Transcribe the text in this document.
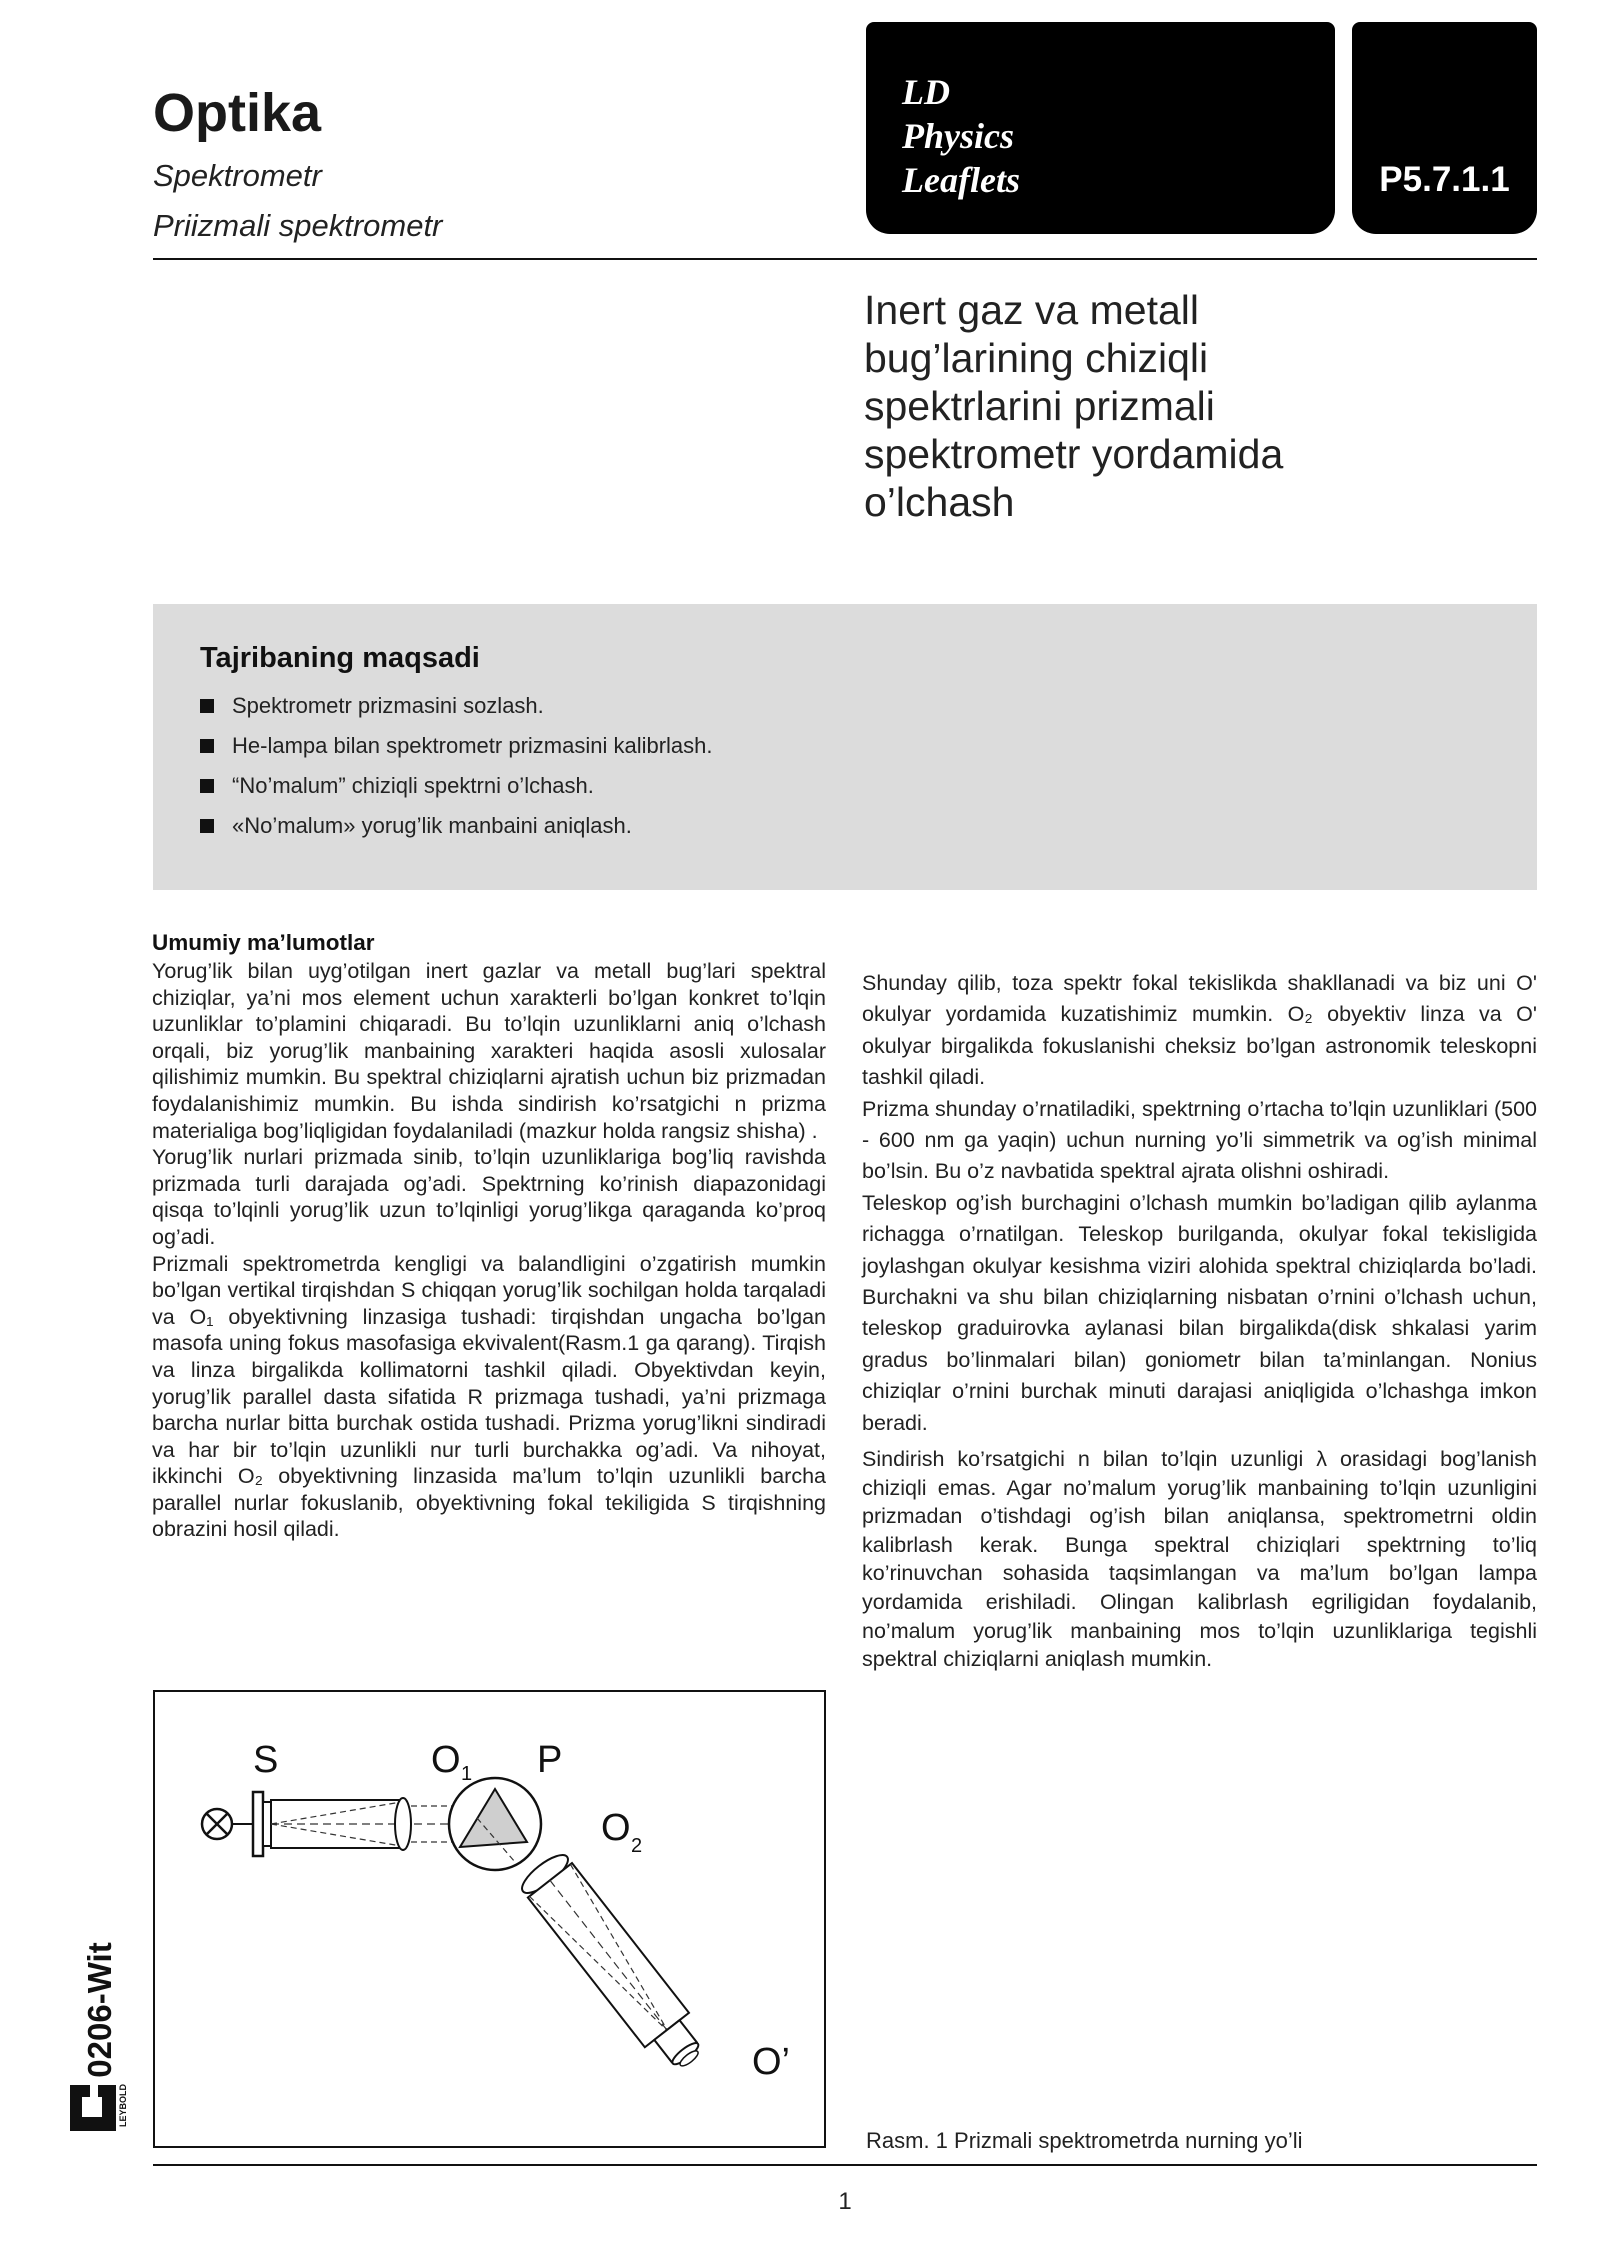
Optika
Spektrometr
Priizmali spektrometr
LD
Physics
Leaflets	P5.7.1.1
Inert gaz va metall bug’larining chiziqli spektrlarini prizmali spektrometr yordamida o’lchash
Tajribaning maqsadi
Spektrometr prizmasini sozlash.
He-lampa bilan spektrometr prizmasini kalibrlash.
“No’malum” chiziqli spektrni o’lchash.
«No’malum» yorug’lik manbaini aniqlash.
Umumiy ma’lumotlar

Yorug’lik bilan uyg’otilgan inert gazlar va metall bug’lari spektral chiziqlar, ya’ni mos element uchun xarakterli bo’lgan konkret to’lqin uzunliklar to’plamini chiqaradi. Bu to’lqin uzunliklarni aniq o’lchash orqali, biz yorug’lik manbaining xarakteri haqida asosli xulosalar qilishimiz mumkin. Bu spektral chiziqlarni ajratish uchun biz prizmadan foydalanishimiz mumkin. Bu ishda sindirish ko’rsatgichi n prizma materialiga bog’liqligidan foydalaniladi (mazkur holda rangsiz shisha) .

Yorug’lik nurlari prizmada sinib, to’lqin uzunliklariga bog’liq ravishda prizmada turli darajada og’adi. Spektrning ko’rinish diapazonidagi qisqa to’lqinli yorug’lik uzun to’lqinligi yorug’likga qaraganda ko’proq og’adi.

Prizmali spektrometrda kengligi va balandligini o’zgatirish mumkin bo’lgan vertikal tirqishdan S chiqqan yorug’lik sochilgan holda tarqaladi va O₁ obyektivning linzasiga tushadi: tirqishdan ungacha bo’lgan masofa uning fokus masofasiga ekvivalent(Rasm.1 ga qarang). Tirqish va linza birgalikda kollimatorni tashkil qiladi. Obyektivdan keyin, yorug’lik parallel dasta sifatida R prizmaga tushadi, ya’ni prizmaga barcha nurlar bitta burchak ostida tushadi. Prizma yorug’likni sindiradi va har bir to’lqin uzunlikli nur turli burchakka og’adi. Va nihoyat, ikkinchi O₂ obyektivning linzasida ma’lum to’lqin uzunlikli barcha parallel nurlar fokuslanib, obyektivning fokal tekiligida S tirqishning obrazini hosil qiladi.

Shunday qilib, toza spektr fokal tekislikda shakllanadi va biz uni O' okulyar yordamida kuzatishimiz mumkin. O₂ obyektiv linza va O' okulyar birgalikda fokuslanishi cheksiz bo’lgan astronomik teleskopni tashkil qiladi.

Prizma shunday o’rnatiladiki, spektrning o’rtacha to’lqin uzunliklari (500 - 600 nm ga yaqin) uchun nurning yo’li simmetrik va og’ish minimal bo’lsin. Bu o’z navbatida spektral ajrata olishni oshiradi.

Teleskop og’ish burchagini o’lchash mumkin bo’ladigan qilib aylanma richagga o’rnatilgan. Teleskop burilganda, okulyar fokal tekisligida joylashgan okulyar kesishma viziri alohida spektral chiziqlarda bo’ladi. Burchakni va shu bilan chiziqlarning nisbatan o’rnini o’lchash uchun, teleskop graduirovka aylanasi bilan birgalikda(disk shkalasi yarim gradus bo’linmalari bilan) goniometr bilan ta’minlangan. Nonius chiziqlar o’rnini burchak minuti darajasi aniqligida o’lchashga imkon beradi.

Sindirish ko’rsatgichi n bilan to’lqin uzunligi λ orasidagi bog’lanish chiziqli emas. Agar no’malum yorug’lik manbaining to’lqin uzunligini prizmadan o’tishdagi og’ish bilan aniqlansa, spektrometrni oldin kalibrlash kerak. Bunga spektral chiziqlari spektrning to’liq ko’rinuvchan sohasida taqsimlangan va ma’lum bo’lgan lampa yordamida erishiladi. Olingan kalibrlash egriligidan foydalanib, no’malum yorug’lik manbaining mos to’lqin uzunliklariga tegishli spektral chiziqlarni aniqlash mumkin.

S	O 1 P
O 2
O’
Rasm. 1 Prizmali spektrometrda nurning yo’li
1
0206-Wit
LEYBOLD
